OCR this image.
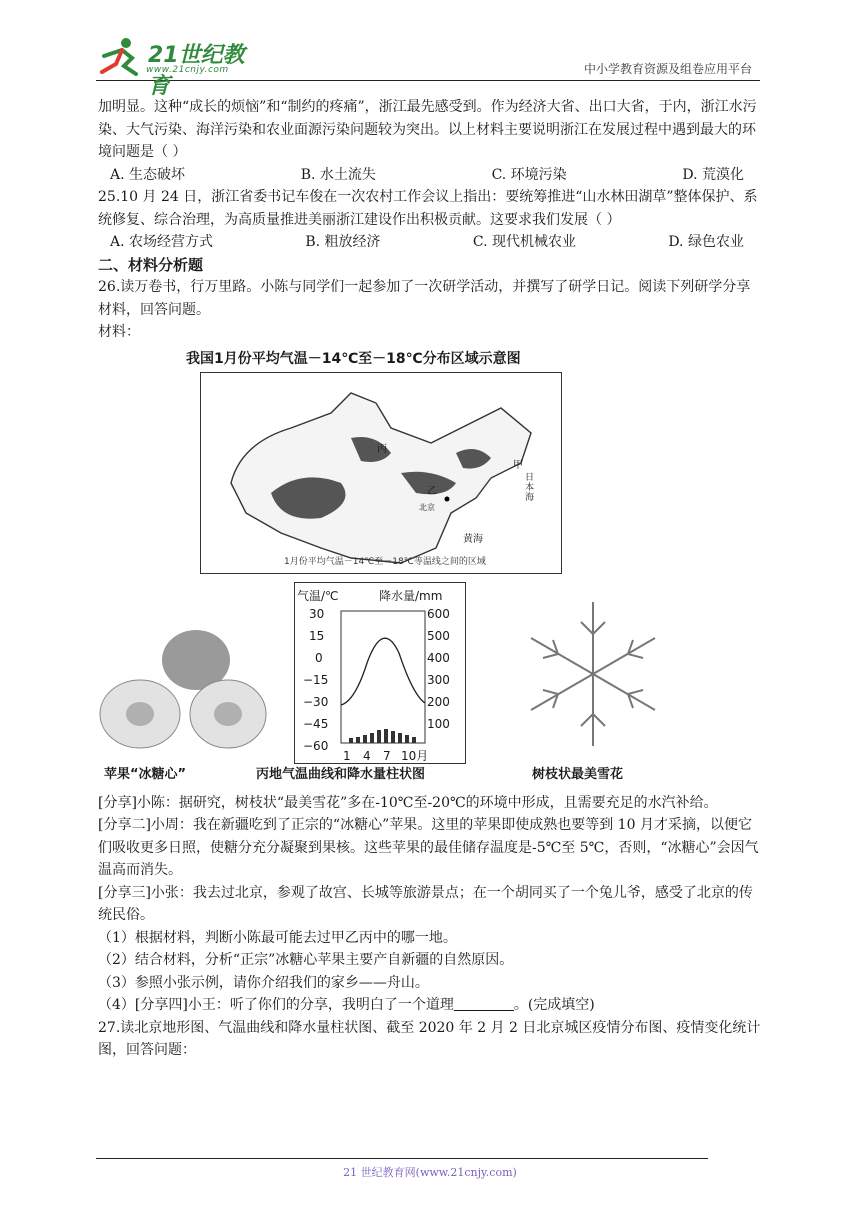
21世纪教育
www.21cnjy.com	中小学教育资源及组卷应用平台

加明显。这种“成长的烦恼”和“制约的疼痛”，浙江最先感受到。作为经济大省、出口大省，于内，浙江水污染、大气污染、海洋污染和农业面源污染问题较为突出。以上材料主要说明浙江在发展过程中遇到最大的环境问题是（ ）

A. 生态破坏	B. 水土流失	C. 环境污染	D. 荒漠化

25.10 月 24 日，浙江省委书记车俊在一次农村工作会议上指出：要统筹推进“山水林田湖草”整体保护、系统修复、综合治理，为高质量推进美丽浙江建设作出积极贡献。这要求我们发展（ ）

A. 农场经营方式	B. 粗放经济	C. 现代机械农业	D. 绿色农业

二、材料分析题

26.读万卷书，行万里路。小陈与同学们一起参加了一次研学活动，并撰写了研学日记。阅读下列研学分享材料，回答问题。

材料：

我国1月份平均气温－14℃至－18℃分布区域示意图
丙
乙
甲
北京
黄海
日本海
1月份平均气温－14℃至－18℃等温线之间的区域
气温/℃	降水量/mm
30
15
0
−15
−30
−45
−60
600
500
400
300
200
100
1 4 7 10月
苹果“冰糖心”	丙地气温曲线和降水量柱状图	树枝状最美雪花

[分享]小陈：据研究，树枝状“最美雪花”多在-10℃至-20℃的环境中形成，且需要充足的水汽补给。

[分享二]小周：我在新疆吃到了正宗的“冰糖心”苹果。这里的苹果即使成熟也要等到 10 月才采摘，以便它们吸收更多日照，使糖分充分凝聚到果核。这些苹果的最佳储存温度是-5℃至 5℃，否则，“冰糖心”会因气温高而消失。

[分享三]小张：我去过北京，参观了故宫、长城等旅游景点；在一个胡同买了一个兔儿爷，感受了北京的传统民俗。

（1）根据材料，判断小陈最可能去过甲乙丙中的哪一地。

（2）结合材料，分析“正宗”冰糖心苹果主要产自新疆的自然原因。

（3）参照小张示例，请你介绍我们的家乡——舟山。

（4）[分享四]小王：听了你们的分享，我明白了一个道理	。(完成填空)

27.读北京地形图、气温曲线和降水量柱状图、截至 2020 年 2 月 2 日北京城区疫情分布图、疫情变化统计图，回答问题：

21 世纪教育网(www.21cnjy.com)
